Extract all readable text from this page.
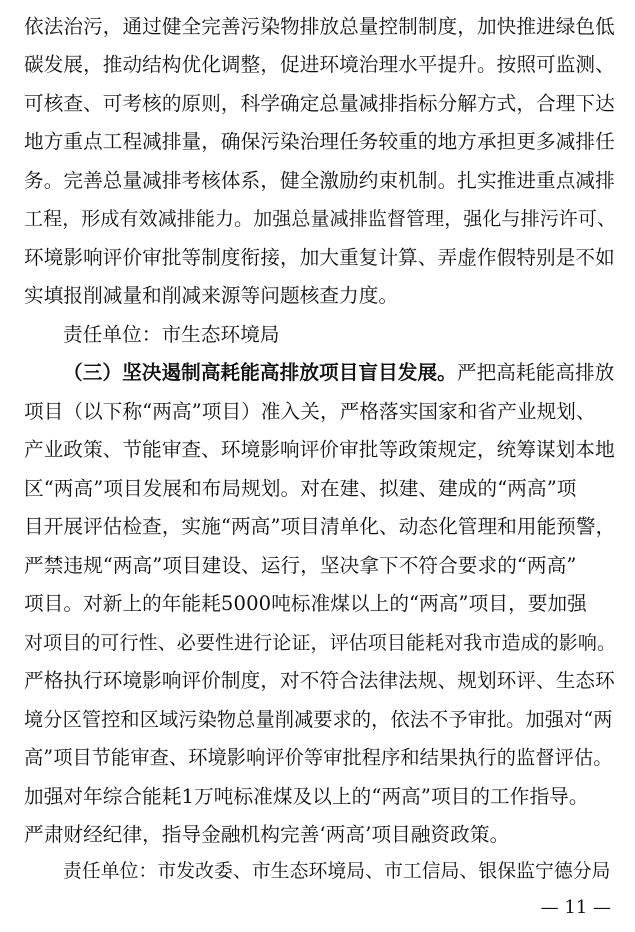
依法治污，通过健全完善污染物排放总量控制制度，加快推进绿色低
碳发展，推动结构优化调整，促进环境治理水平提升。按照可监测、
可核查、可考核的原则，科学确定总量减排指标分解方式，合理下达
地方重点工程减排量，确保污染治理任务较重的地方承担更多减排任
务。完善总量减排考核体系，健全激励约束机制。扎实推进重点减排
工程，形成有效减排能力。加强总量减排监督管理，强化与排污许可、
环境影响评价审批等制度衔接，加大重复计算、弄虚作假特别是不如
实填报削减量和削减来源等问题核查力度。
责任单位：市生态环境局
（三）坚决遏制高耗能高排放项目盲目发展。严把高耗能高排放
项目（以下称“两高”项目）准入关，严格落实国家和省产业规划、
产业政策、节能审查、环境影响评价审批等政策规定，统筹谋划本地
区“两高”项目发展和布局规划。对在建、拟建、建成的“两高”项
目开展评估检查，实施“两高”项目清单化、动态化管理和用能预警，
严禁违规“两高”项目建设、运行，坚决拿下不符合要求的“两高”
项目。对新上的年能耗5000吨标准煤以上的“两高”项目，要加强
对项目的可行性、必要性进行论证，评估项目能耗对我市造成的影响。
严格执行环境影响评价制度，对不符合法律法规、规划环评、生态环
境分区管控和区域污染物总量削减要求的，依法不予审批。加强对“两
高”项目节能审查、环境影响评价等审批程序和结果执行的监督评估。
加强对年综合能耗1万吨标准煤及以上的“两高”项目的工作指导。
严肃财经纪律，指导金融机构完善‘两高’项目融资政策。
责任单位：市发改委、市生态环境局、市工信局、银保监宁德分局
— 11 —
